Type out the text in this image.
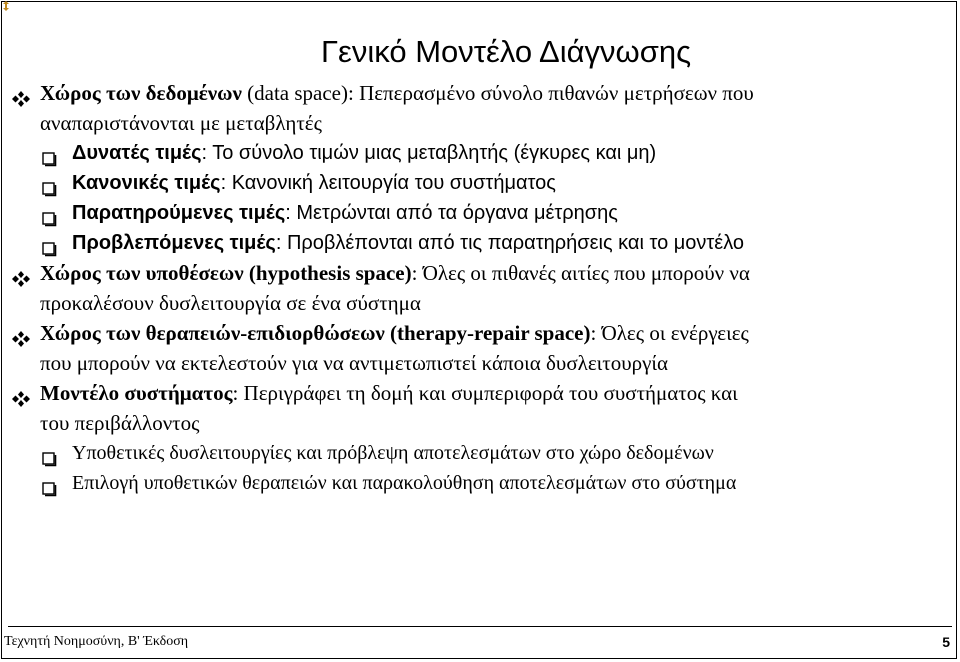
Γενικό Μοντέλο Διάγνωσης
Χώρος των δεδομένων (data space): Πεπερασμένο σύνολο πιθανών μετρήσεων που
αναπαριστάνονται με μεταβλητές
Δυνατές τιμές: Το σύνολο τιμών μιας μεταβλητής (έγκυρες και μη)
Κανονικές τιμές: Κανονική λειτουργία του συστήματος
Παρατηρούμενες τιμές: Μετρώνται από τα όργανα μέτρησης
Προβλεπόμενες τιμές: Προβλέπονται από τις παρατηρήσεις και το μοντέλο
Χώρος των υποθέσεων (hypothesis space): Όλες οι πιθανές αιτίες που μπορούν να
προκαλέσουν δυσλειτουργία σε ένα σύστημα
Χώρος των θεραπειών-επιδιορθώσεων (therapy-repair space): Όλες οι ενέργειες
που μπορούν να εκτελεστούν για να αντιμετωπιστεί κάποια δυσλειτουργία
Μοντέλο συστήματος: Περιγράφει τη δομή και συμπεριφορά του συστήματος και
του περιβάλλοντος
Υποθετικές δυσλειτουργίες και πρόβλεψη αποτελεσμάτων στο χώρο δεδομένων
Επιλογή υποθετικών θεραπειών και παρακολούθηση αποτελεσμάτων στο σύστημα
Τεχνητή Νοημοσύνη, B' Έκδοση	5
